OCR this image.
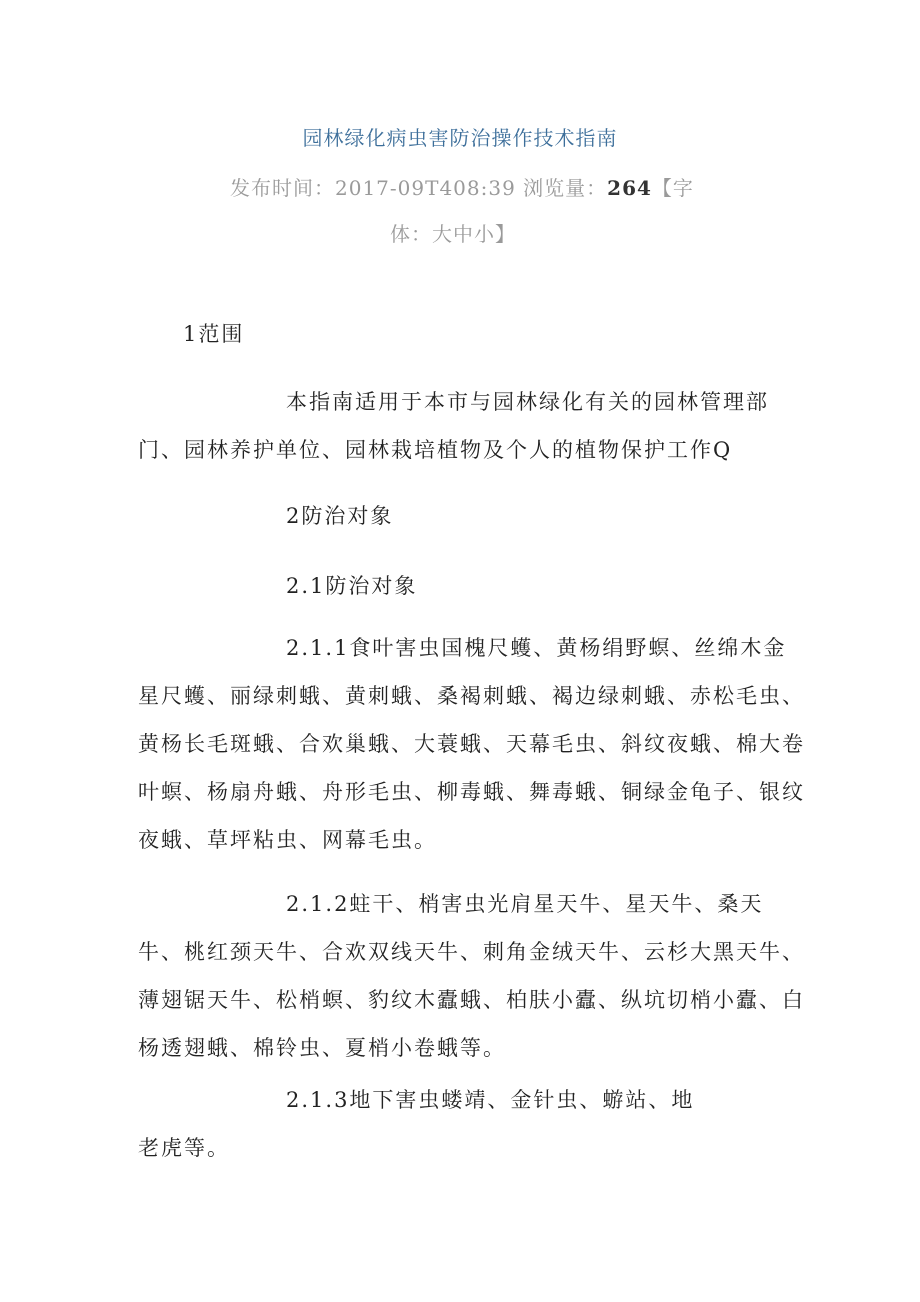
园林绿化病虫害防治操作技术指南
发布时间：2017-09T408:39 浏览量：264【字
体：大中小】
1范围
本指南适用于本市与园林绿化有关的园林管理部门、园林养护单位、园林栽培植物及个人的植物保护工作Q
2防治对象
2.1防治对象
2.1.1食叶害虫国槐尺蠖、黄杨绢野螟、丝绵木金星尺蠖、丽绿刺蛾、黄刺蛾、桑褐刺蛾、褐边绿刺蛾、赤松毛虫、黄杨长毛斑蛾、合欢巢蛾、大蓑蛾、天幕毛虫、斜纹夜蛾、棉大卷叶螟、杨扇舟蛾、舟形毛虫、柳毒蛾、舞毒蛾、铜绿金龟子、银纹夜蛾、草坪粘虫、网幕毛虫。
2.1.2蛀干、梢害虫光肩星天牛、星天牛、桑天牛、桃红颈天牛、合欢双线天牛、刺角金绒天牛、云杉大黑天牛、薄翅锯天牛、松梢螟、豹纹木蠹蛾、柏肤小蠹、纵坑切梢小蠹、白杨透翅蛾、棉铃虫、夏梢小卷蛾等。
2.1.3地下害虫蝼靖、金针虫、蝣站、地
老虎等。
